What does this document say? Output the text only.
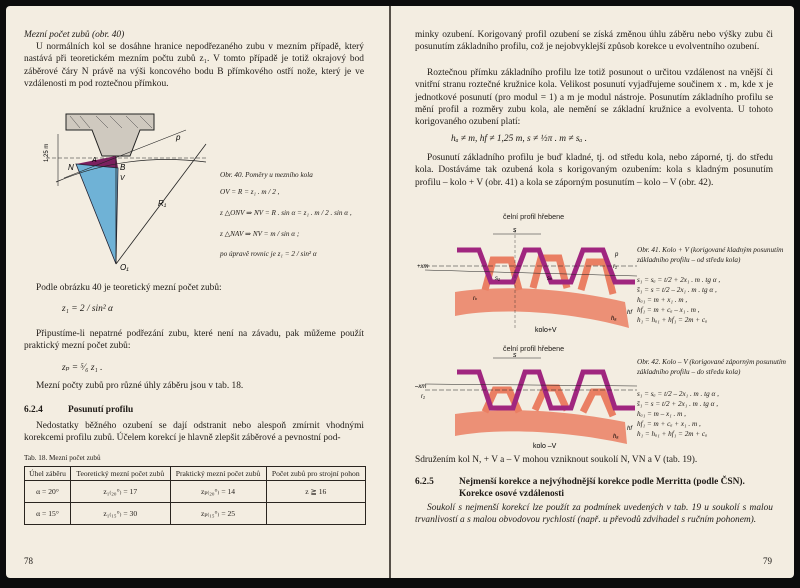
Mezní počet zubů (obr. 40)
U normálních kol se dosáhne hranice nepodřezaného zubu v mezním případě, který nastává při teoretickém mezním počtu zubů z₁. V tomto případě je totiž okrajový bod záběrové čáry N právě na výši koncového bodu B přímkového ostří nože, který je ve vzdálenosti m pod roztečnou přímkou.
1,25 m
N	B
A
V
p
R₁
O₁
Obr. 40. Poměry u mezního kola
OV = R = z₁ . m / 2 ,
z △ONV ⇒ NV = R . sin α = z₁ . m / 2 . sin α ,
z △NAV ⇒ NV = m / sin α ;
po úpravě rovnic je z₁ = 2 / sin² α
Podle obrázku 40 je teoretický mezní počet zubů:
z₁ = 2 / sin² α
Připustíme-li nepatrné podřezání zubu, které není na závadu, pak můžeme použít praktický mezní počet zubů:
zₚ = ⁵⁄₆ z₁ .
Mezní počty zubů pro různé úhly záběru jsou v tab. 18.
6.2.4	Posunutí profilu
Nedostatky běžného ozubení se dají odstranit nebo alespoň zmírnit vhodnými korekcemi profilu zubů. Účelem korekcí je hlavně zlepšit záběrové a pevnostní pod-
Tab. 18. Mezní počet zubů
Úhel záběru	Teoretický mezní počet zubů	Praktický mezní počet zubů	Počet zubů pro strojní pohon
α = 20°	z₁₍₂₀°₎ = 17	zₚ₍₂₀°₎ = 14	z ≧ 16
α = 15°	z₁₍₁₅°₎ = 30	zₚ₍₁₅°₎ = 25	
78
minky ozubení. Korigovaný profil ozubení se získá změnou úhlu záběru nebo výšky zubu či posunutím základního profilu, což je nejobvyklejší způsob korekce u evolventního ozubení.
Roztečnou přímku základního profilu lze totiž posunout o určitou vzdálenost na vnější či vnitřní stranu roztečné kružnice kola. Velikost posunutí vyjadřujeme součinem x . m, kde x je jednotkové posunutí (pro modul = 1) a m je modul nástroje. Posunutím základního profilu se mění profil a rozměry zubu kola, ale nemění se základní kružnice a evolventa. U tohoto korigovaného ozubení platí:
hₐ ≠ m, hf ≠ 1,25 m, s ≠ ½π . m ≠ sₐ .
Posunutí základního profilu je buď kladné, tj. od středu kola, nebo záporné, tj. do středu kola. Dostáváme tak ozubená kola s korigovaným ozubením: kola s kladným posunutím profilu – kolo + V (obr. 41) a kola se záporným posunutím – kolo – V (obr. 42).
čelní profil hřebene
s
+xm
p
r₁
kolo+V
hₐ
hf
rₖ
s₁	sₖ
Obr. 41. Kolo + V (korigované kladným posunutím základního profilu – od středu kola)
s₁ = sₐ = t/2 + 2x₁ . m . tg α ,
s̄₁ = s = t/2 – 2x₁ . m . tg α ,
hₐ₁ = m + x₁ . m ,
hf₁ = m + cₐ – x₁ . m ,
h₁ = hₐ₁ + hf₁ = 2m + cₐ
čelní profil hřebene
s
–xm
r₁
kolo –V
hₐ
hf
Obr. 42. Kolo – V (korigované záporným posunutím základního profilu – do středu kola)
s₁ = sₐ = t/2 – 2x₁ . m . tg α ,
s̄₁ = s = t/2 + 2x₁ . m . tg α ,
hₐ₁ = m – x₁ . m ,
hf₁ = m + cₐ + x₁ . m ,
h₁ = hₐ₁ + hf₁ = 2m + cₐ
Sdružením kol N, + V a – V mohou vzniknout soukolí N, VN a V (tab. 19).
6.2.5	Nejmenší korekce a nejvýhodnější korekce podle Merritta (podle ČSN). Korekce osové vzdálenosti
Soukolí s nejmenší korekcí lze použít za podmínek uvedených v tab. 19 u soukolí s malou trvanlivostí a s malou obvodovou rychlostí (např. u převodů zdvihadel s ručním pohonem).
79
